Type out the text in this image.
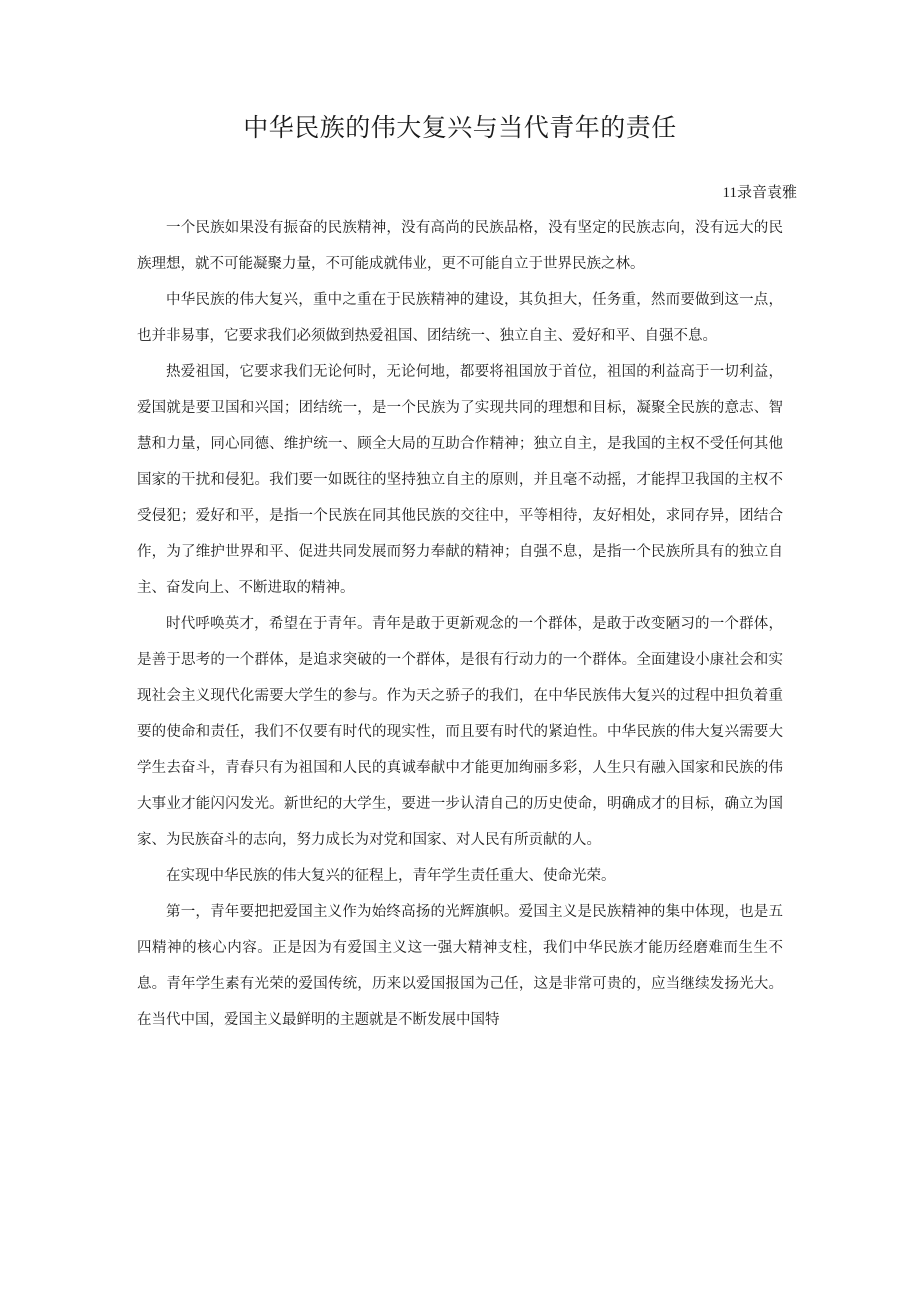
中华民族的伟大复兴与当代青年的责任
11录音袁雅

一个民族如果没有振奋的民族精神，没有高尚的民族品格，没有坚定的民族志向，没有远大的民族理想，就不可能凝聚力量，不可能成就伟业，更不可能自立于世界民族之林。

中华民族的伟大复兴，重中之重在于民族精神的建设，其负担大，任务重，然而要做到这一点，也并非易事，它要求我们必须做到热爱祖国、团结统一、独立自主、爱好和平、自强不息。

热爱祖国，它要求我们无论何时，无论何地，都要将祖国放于首位，祖国的利益高于一切利益，爱国就是要卫国和兴国；团结统一，是一个民族为了实现共同的理想和目标，凝聚全民族的意志、智慧和力量，同心同德、维护统一、顾全大局的互助合作精神；独立自主，是我国的主权不受任何其他国家的干扰和侵犯。我们要一如既往的坚持独立自主的原则，并且毫不动摇，才能捍卫我国的主权不受侵犯；爱好和平，是指一个民族在同其他民族的交往中，平等相待，友好相处，求同存异，团结合作，为了维护世界和平、促进共同发展而努力奉献的精神；自强不息，是指一个民族所具有的独立自主、奋发向上、不断进取的精神。

时代呼唤英才，希望在于青年。青年是敢于更新观念的一个群体，是敢于改变陋习的一个群体，是善于思考的一个群体，是追求突破的一个群体，是很有行动力的一个群体。全面建设小康社会和实现社会主义现代化需要大学生的参与。作为天之骄子的我们，在中华民族伟大复兴的过程中担负着重要的使命和责任，我们不仅要有时代的现实性，而且要有时代的紧迫性。中华民族的伟大复兴需要大学生去奋斗，青春只有为祖国和人民的真诚奉献中才能更加绚丽多彩，人生只有融入国家和民族的伟大事业才能闪闪发光。新世纪的大学生，要进一步认清自己的历史使命，明确成才的目标，确立为国家、为民族奋斗的志向，努力成长为对党和国家、对人民有所贡献的人。

在实现中华民族的伟大复兴的征程上，青年学生责任重大、使命光荣。

第一，青年要把把爱国主义作为始终高扬的光辉旗帜。爱国主义是民族精神的集中体现，也是五四精神的核心内容。正是因为有爱国主义这一强大精神支柱，我们中华民族才能历经磨难而生生不息。青年学生素有光荣的爱国传统，历来以爱国报国为己任，这是非常可贵的，应当继续发扬光大。在当代中国，爱国主义最鲜明的主题就是不断发展中国特
